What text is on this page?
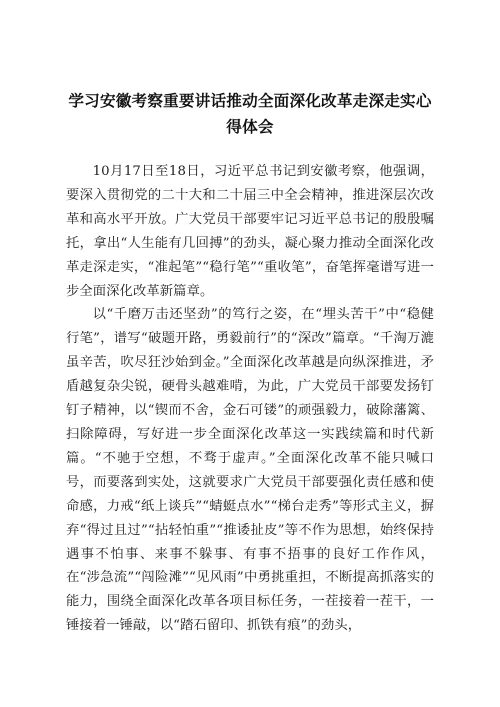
学习安徽考察重要讲话推动全面深化改革走深走实心得体会

10月17日至18日，习近平总书记到安徽考察，他强调，要深入贯彻党的二十大和二十届三中全会精神，推进深层次改革和高水平开放。广大党员干部要牢记习近平总书记的殷殷嘱托，拿出“人生能有几回搏”的劲头，凝心聚力推动全面深化改革走深走实，“准起笔”“稳行笔”“重收笔”，奋笔挥毫谱写进一步全面深化改革新篇章。

以“千磨万击还坚劲”的笃行之姿，在“埋头苦干”中“稳健行笔”，谱写“破题开路，勇毅前行”的“深改”篇章。“千淘万漉虽辛苦，吹尽狂沙始到金。”全面深化改革越是向纵深推进，矛盾越复杂尖锐，硬骨头越难啃，为此，广大党员干部要发扬钉钉子精神，以“锲而不舍，金石可镂”的顽强毅力，破除藩篱、扫除障碍，写好进一步全面深化改革这一实践续篇和时代新篇。“不驰于空想，不骛于虚声。”全面深化改革不能只喊口号，而要落到实处，这就要求广大党员干部要强化责任感和使命感，力戒“纸上谈兵”“蜻蜓点水”“梯台走秀”等形式主义，摒弃“得过且过”“拈轻怕重”“推诿扯皮”等不作为思想，始终保持遇事不怕事、来事不躲事、有事不捂事的良好工作作风，在“涉急流”“闯险滩”“见风雨”中勇挑重担，不断提高抓落实的能力，围绕全面深化改革各项目标任务，一茬接着一茬干，一锤接着一锤敲，以“踏石留印、抓铁有痕”的劲头，
